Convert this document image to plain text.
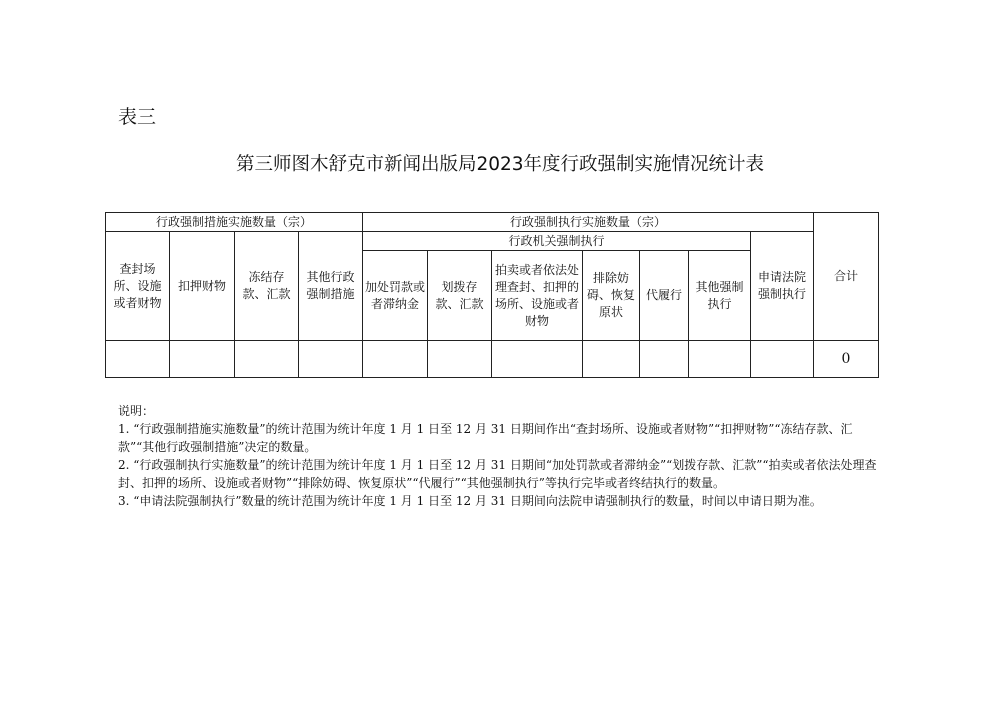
表三
第三师图木舒克市新闻出版局2023年度行政强制实施情况统计表
行政强制措施实施数量（宗）				行政强制执行实施数量（宗）							合计
查封场所、设施或者财物	扣押财物	冻结存款、汇款	其他行政强制措施	行政机关强制执行						申请法院强制执行	
				加处罚款或者滞纳金	划拨存款、汇款	拍卖或者依法处理查封、扣押的场所、设施或者财物	排除妨碍、恢复原状	代履行	其他强制执行		
											0

说明：

1. “行政强制措施实施数量”的统计范围为统计年度 1 月 1 日至 12 月 31 日期间作出“查封场所、设施或者财物”“扣押财物”“冻结存款、汇款”“其他行政强制措施”决定的数量。

2. “行政强制执行实施数量”的统计范围为统计年度 1 月 1 日至 12 月 31 日期间“加处罚款或者滞纳金”“划拨存款、汇款”“拍卖或者依法处理查封、扣押的场所、设施或者财物”“排除妨碍、恢复原状”“代履行”“其他强制执行”等执行完毕或者终结执行的数量。

3. “申请法院强制执行”数量的统计范围为统计年度 1 月 1 日至 12 月 31 日期间向法院申请强制执行的数量，时间以申请日期为准。
